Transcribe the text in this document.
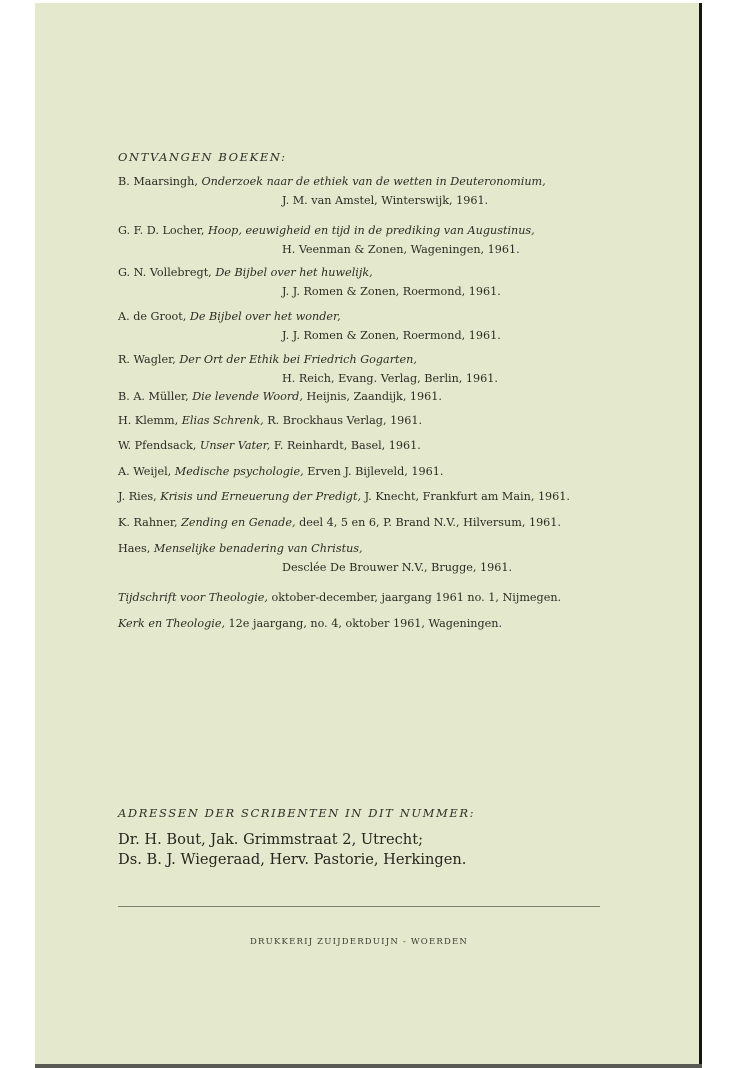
ONTVANGEN BOEKEN:
B. Maarsingh, Onderzoek naar de ethiek van de wetten in Deuteronomium,
J. M. van Amstel, Winterswijk, 1961.
G. F. D. Locher, Hoop, eeuwigheid en tijd in de prediking van Augustinus,
H. Veenman & Zonen, Wageningen, 1961.
G. N. Vollebregt, De Bijbel over het huwelijk,
J. J. Romen & Zonen, Roermond, 1961.
A. de Groot, De Bijbel over het wonder,
J. J. Romen & Zonen, Roermond, 1961.
R. Wagler, Der Ort der Ethik bei Friedrich Gogarten,
H. Reich, Evang. Verlag, Berlin, 1961.
B. A. Müller, Die levende Woord, Heijnis, Zaandijk, 1961.
H. Klemm, Elias Schrenk, R. Brockhaus Verlag, 1961.
W. Pfendsack, Unser Vater, F. Reinhardt, Basel, 1961.
A. Weijel, Medische psychologie, Erven J. Bijleveld, 1961.
J. Ries, Krisis und Erneuerung der Predigt, J. Knecht, Frankfurt am Main, 1961.
K. Rahner, Zending en Genade, deel 4, 5 en 6, P. Brand N.V., Hilversum, 1961.
Haes, Menselijke benadering van Christus,
Desclée De Brouwer N.V., Brugge, 1961.
Tijdschrift voor Theologie, oktober-december, jaargang 1961 no. 1, Nijmegen.
Kerk en Theologie, 12e jaargang, no. 4, oktober 1961, Wageningen.
ADRESSEN DER SCRIBENTEN IN DIT NUMMER:
Dr. H. Bout, Jak. Grimmstraat 2, Utrecht;
Ds. B. J. Wiegeraad, Herv. Pastorie, Herkingen.
DRUKKERIJ ZUIJDERDUIJN - WOERDEN
